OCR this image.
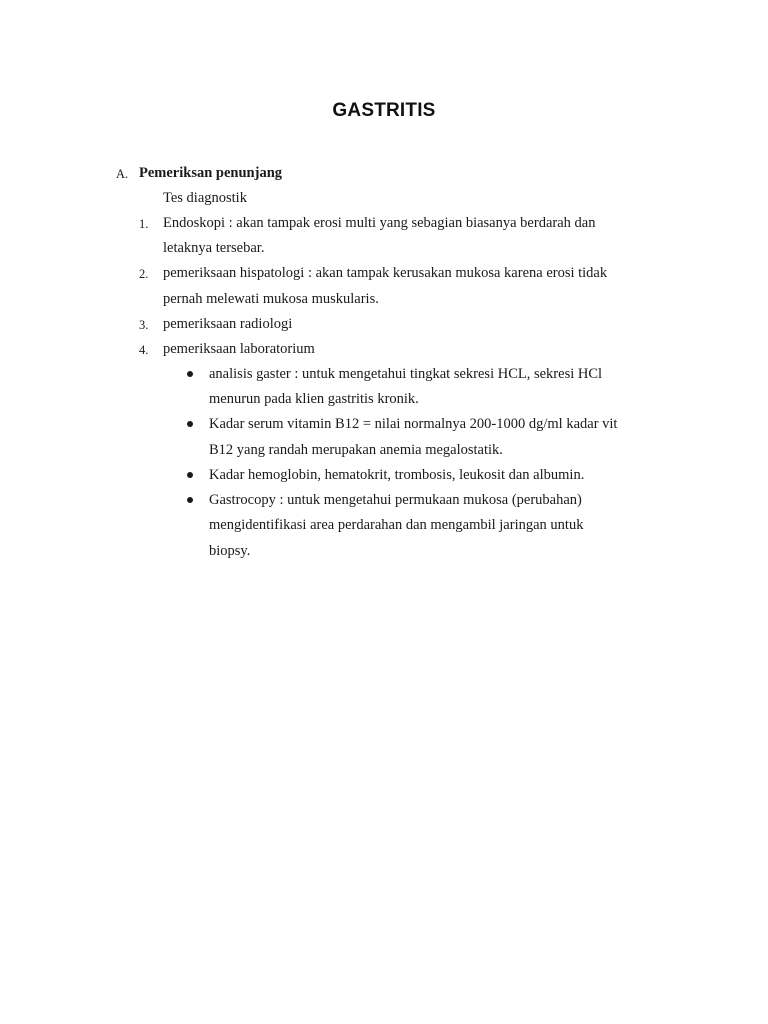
GASTRITIS
A. Pemeriksan penunjang
Tes diagnostik
1. Endoskopi : akan tampak erosi multi yang sebagian biasanya berdarah dan
letaknya tersebar.
2. pemeriksaan hispatologi : akan tampak kerusakan mukosa karena erosi tidak
pernah melewati mukosa muskularis.
3. pemeriksaan radiologi
4. pemeriksaan laboratorium
analisis gaster : untuk mengetahui tingkat sekresi HCL, sekresi HCl
menurun pada klien gastritis kronik.
Kadar serum vitamin B12 = nilai normalnya 200-1000 dg/ml kadar vit
B12 yang randah merupakan anemia megalostatik.
Kadar hemoglobin, hematokrit, trombosis, leukosit dan albumin.
Gastrocopy : untuk mengetahui permukaan mukosa (perubahan)
mengidentifikasi area perdarahan dan mengambil jaringan untuk
biopsy.
